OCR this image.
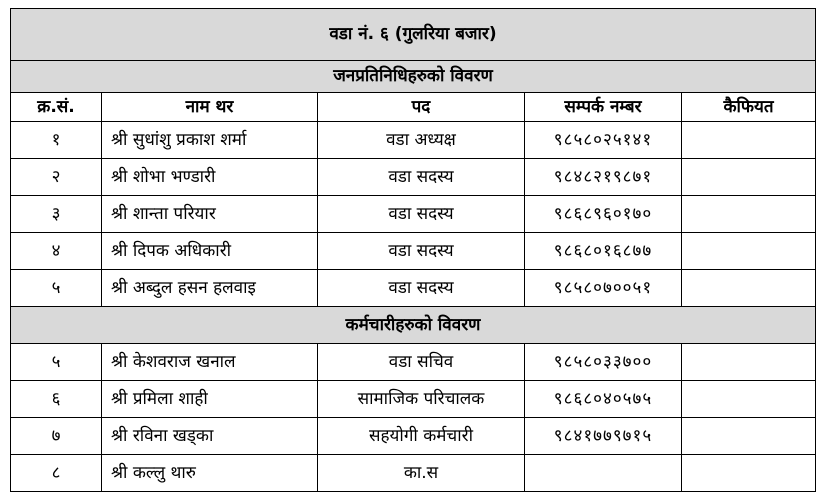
वडा नं. ६ (गुलरिया बजार)				
जनप्रतिनिधिहरुको विवरण				
क्र.सं.	नाम थर	पद	सम्पर्क नम्बर	कैफियत
१	श्री सुधांशु प्रकाश शर्मा	वडा अध्यक्ष	९८५८०२५१४१	
२	श्री शोभा भण्डारी	वडा सदस्य	९८४८२१९८७१	
३	श्री शान्ता परियार	वडा सदस्य	९८६८९६०१७०	
४	श्री दिपक अधिकारी	वडा सदस्य	९८६८०१६८७७	
५	श्री अब्दुल हसन हलवाइ	वडा सदस्य	९८५८०७००५१	
कर्मचारीहरुको विवरण				
५	श्री केशवराज खनाल	वडा सचिव	९८५८०३३७००	
६	श्री प्रमिला शाही	सामाजिक परिचालक	९८६८०४०५७५	
७	श्री रविना खड्का	सहयोगी कर्मचारी	९८४१७७९७१५	
८	श्री कल्लु थारु	का.स		
